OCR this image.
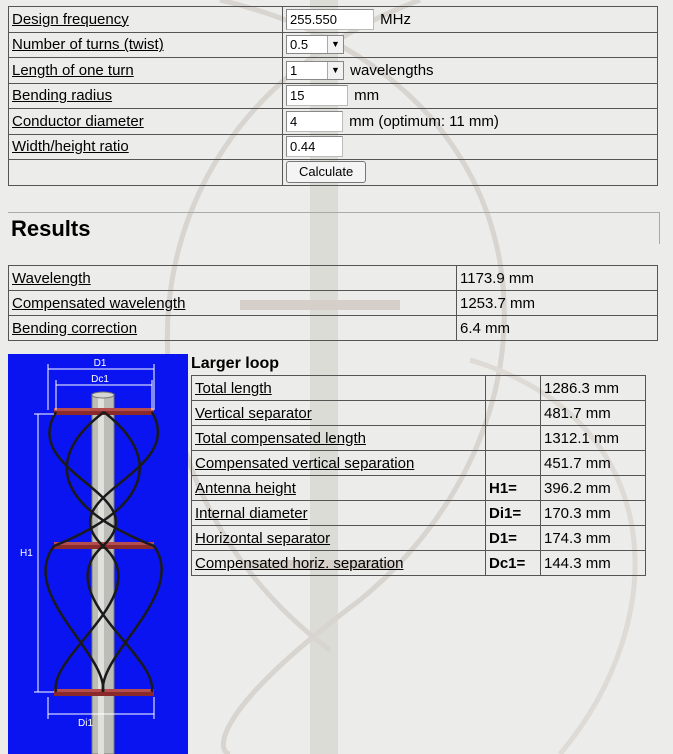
Design frequency	255.550 MHz
Number of turns (twist)	0.5 ▼

Length of one turn	1 ▼ wavelengths
Bending radius	15 mm
Conductor diameter	4 mm (optimum: 11 mm)
Width/height ratio	0.44
	Calculate
Results
Wavelength	1173.9 mm
Compensated wavelength	1253.7 mm
Bending correction	6.4 mm
D1
Dc1
H1
Di1
Larger loop
Total length		1286.3 mm
Vertical separator		481.7 mm
Total compensated length		1312.1 mm
Compensated vertical separation		451.7 mm
Antenna height	H1=	396.2 mm
Internal diameter	Di1=	170.3 mm
Horizontal separator	D1=	174.3 mm
Compensated horiz. separation	Dc1=	144.3 mm
